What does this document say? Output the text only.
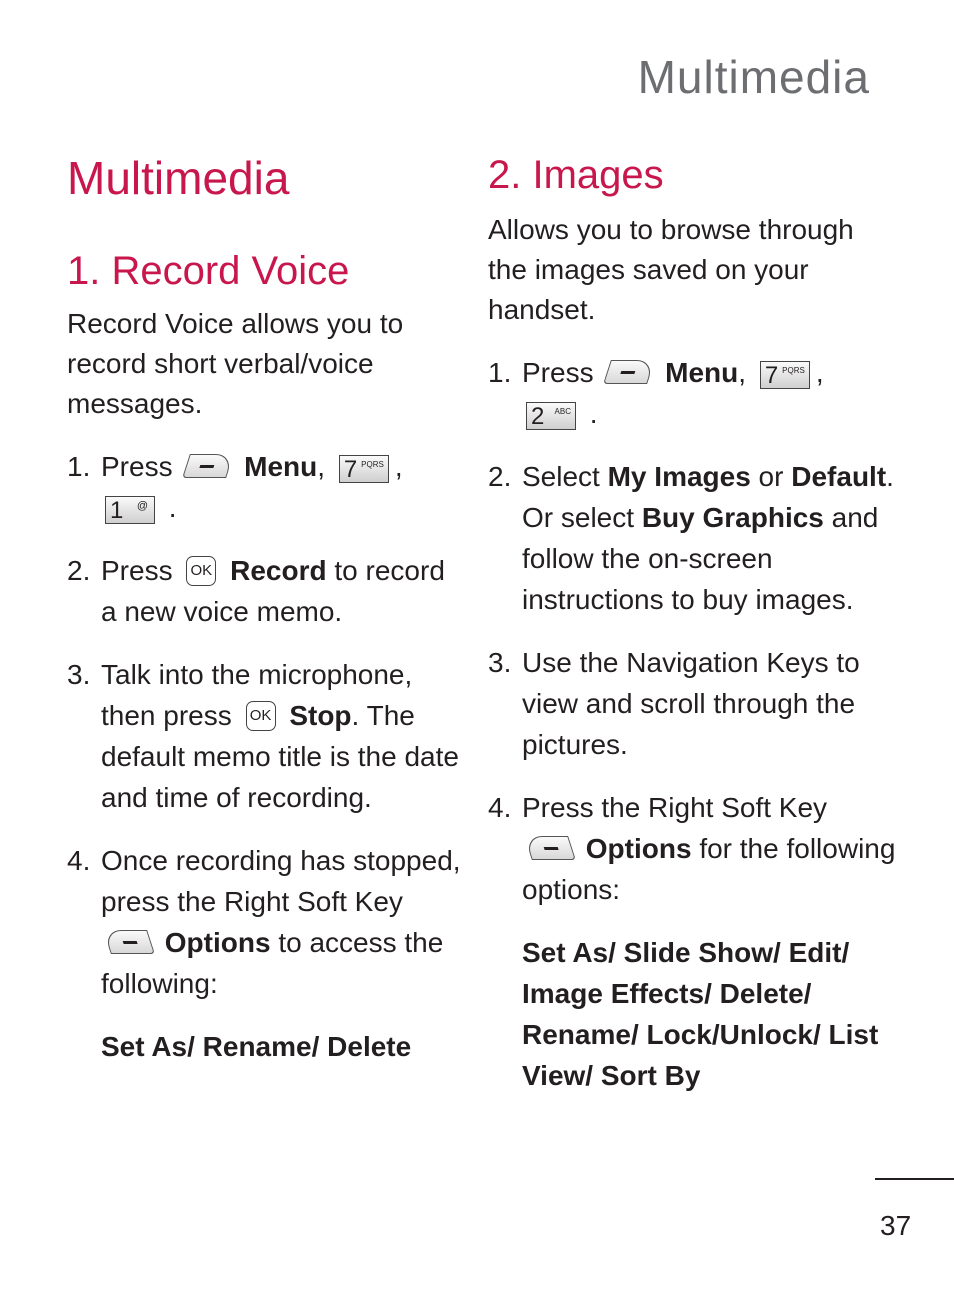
Multimedia
Multimedia
1. Record Voice

Record Voice allows you to record short verbal/voice messages.

1. Press	Menu, 7 PQRS ,
1 @ .
2. Press OK Record to record a new voice memo.
3. Talk into the microphone, then press OK Stop. The default memo title is the date and time of recording.
4. Once recording has stopped, press the Right Soft Key  Options to access the following:

Set As/ Rename/ Delete

2. Images

Allows you to browse through the images saved on your handset.

1. Press	Menu, 7 PQRS ,
2 ABC .
2. Select My Images or Default. Or select Buy Graphics and follow the on-screen instructions to buy images.
3. Use the Navigation Keys to view and scroll through the pictures.
4. Press the Right Soft Key
Options for the following options:

Set As/ Slide Show/ Edit/ Image Effects/ Delete/ Rename/ Lock/Unlock/ List View/ Sort By

37
